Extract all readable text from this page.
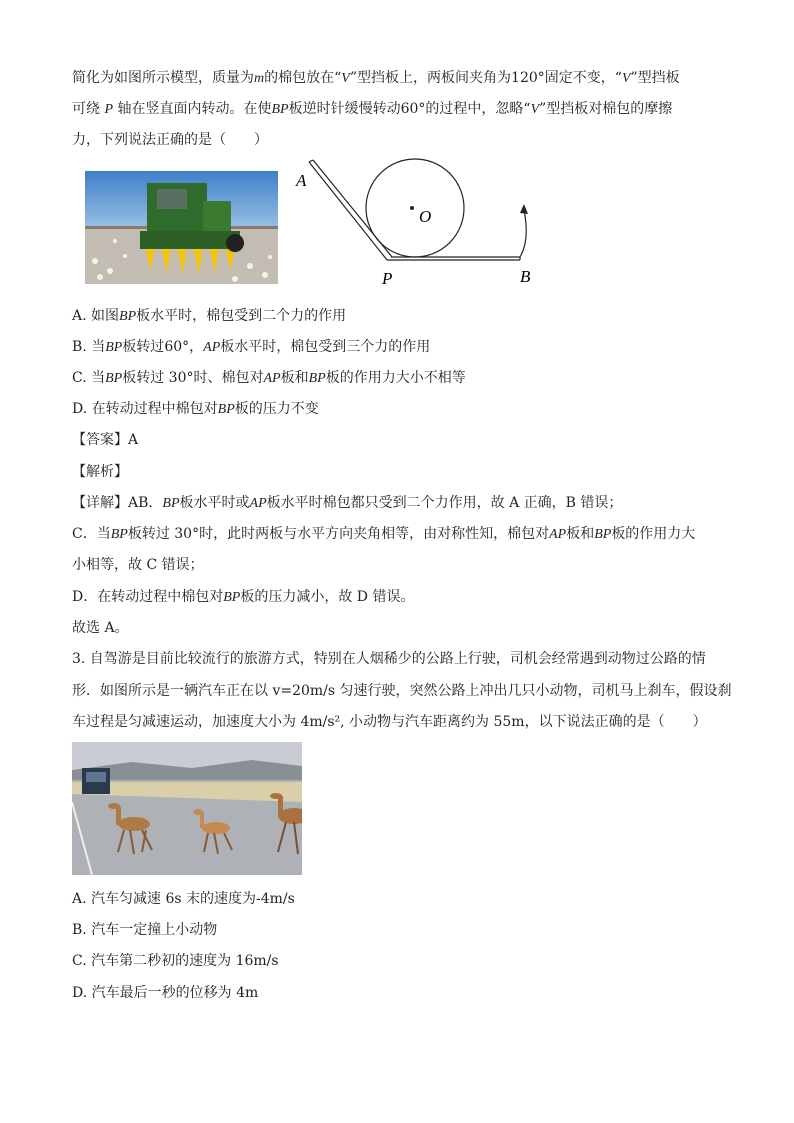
简化为如图所示模型，质量为m的棉包放在“V”型挡板上，两板间夹角为120°固定不变，“V”型挡板
可绕 P 轴在竖直面内转动。在使BP板逆时针缓慢转动60°的过程中，忽略“V”型挡板对棉包的摩擦
力，下列说法正确的是（　　）
A
O
P	B
A. 如图BP板水平时，棉包受到二个力的作用
B. 当BP板转过60°，AP板水平时，棉包受到三个力的作用
C. 当BP板转过 30°时、棉包对AP板和BP板的作用力大小不相等
D. 在转动过程中棉包对BP板的压力不变
【答案】A
【解析】
【详解】AB．BP板水平时或AP板水平时棉包都只受到二个力作用，故 A 正确，B 错误；
C．当BP板转过 30°时，此时两板与水平方向夹角相等，由对称性知，棉包对AP板和BP板的作用力大
小相等，故 C 错误；
D．在转动过程中棉包对BP板的压力减小，故 D 错误。
故选 A。
3. 自驾游是目前比较流行的旅游方式，特别在人烟稀少的公路上行驶，司机会经常遇到动物过公路的情
形．如图所示是一辆汽车正在以 v=20m/s 匀速行驶，突然公路上冲出几只小动物，司机马上刹车，假设刹
车过程是匀减速运动，加速度大小为 4m/s², 小动物与汽车距离约为 55m，以下说法正确的是（　　）
A. 汽车匀减速 6s 末的速度为-4m/s
B. 汽车一定撞上小动物
C. 汽车第二秒初的速度为 16m/s
D. 汽车最后一秒的位移为 4m
